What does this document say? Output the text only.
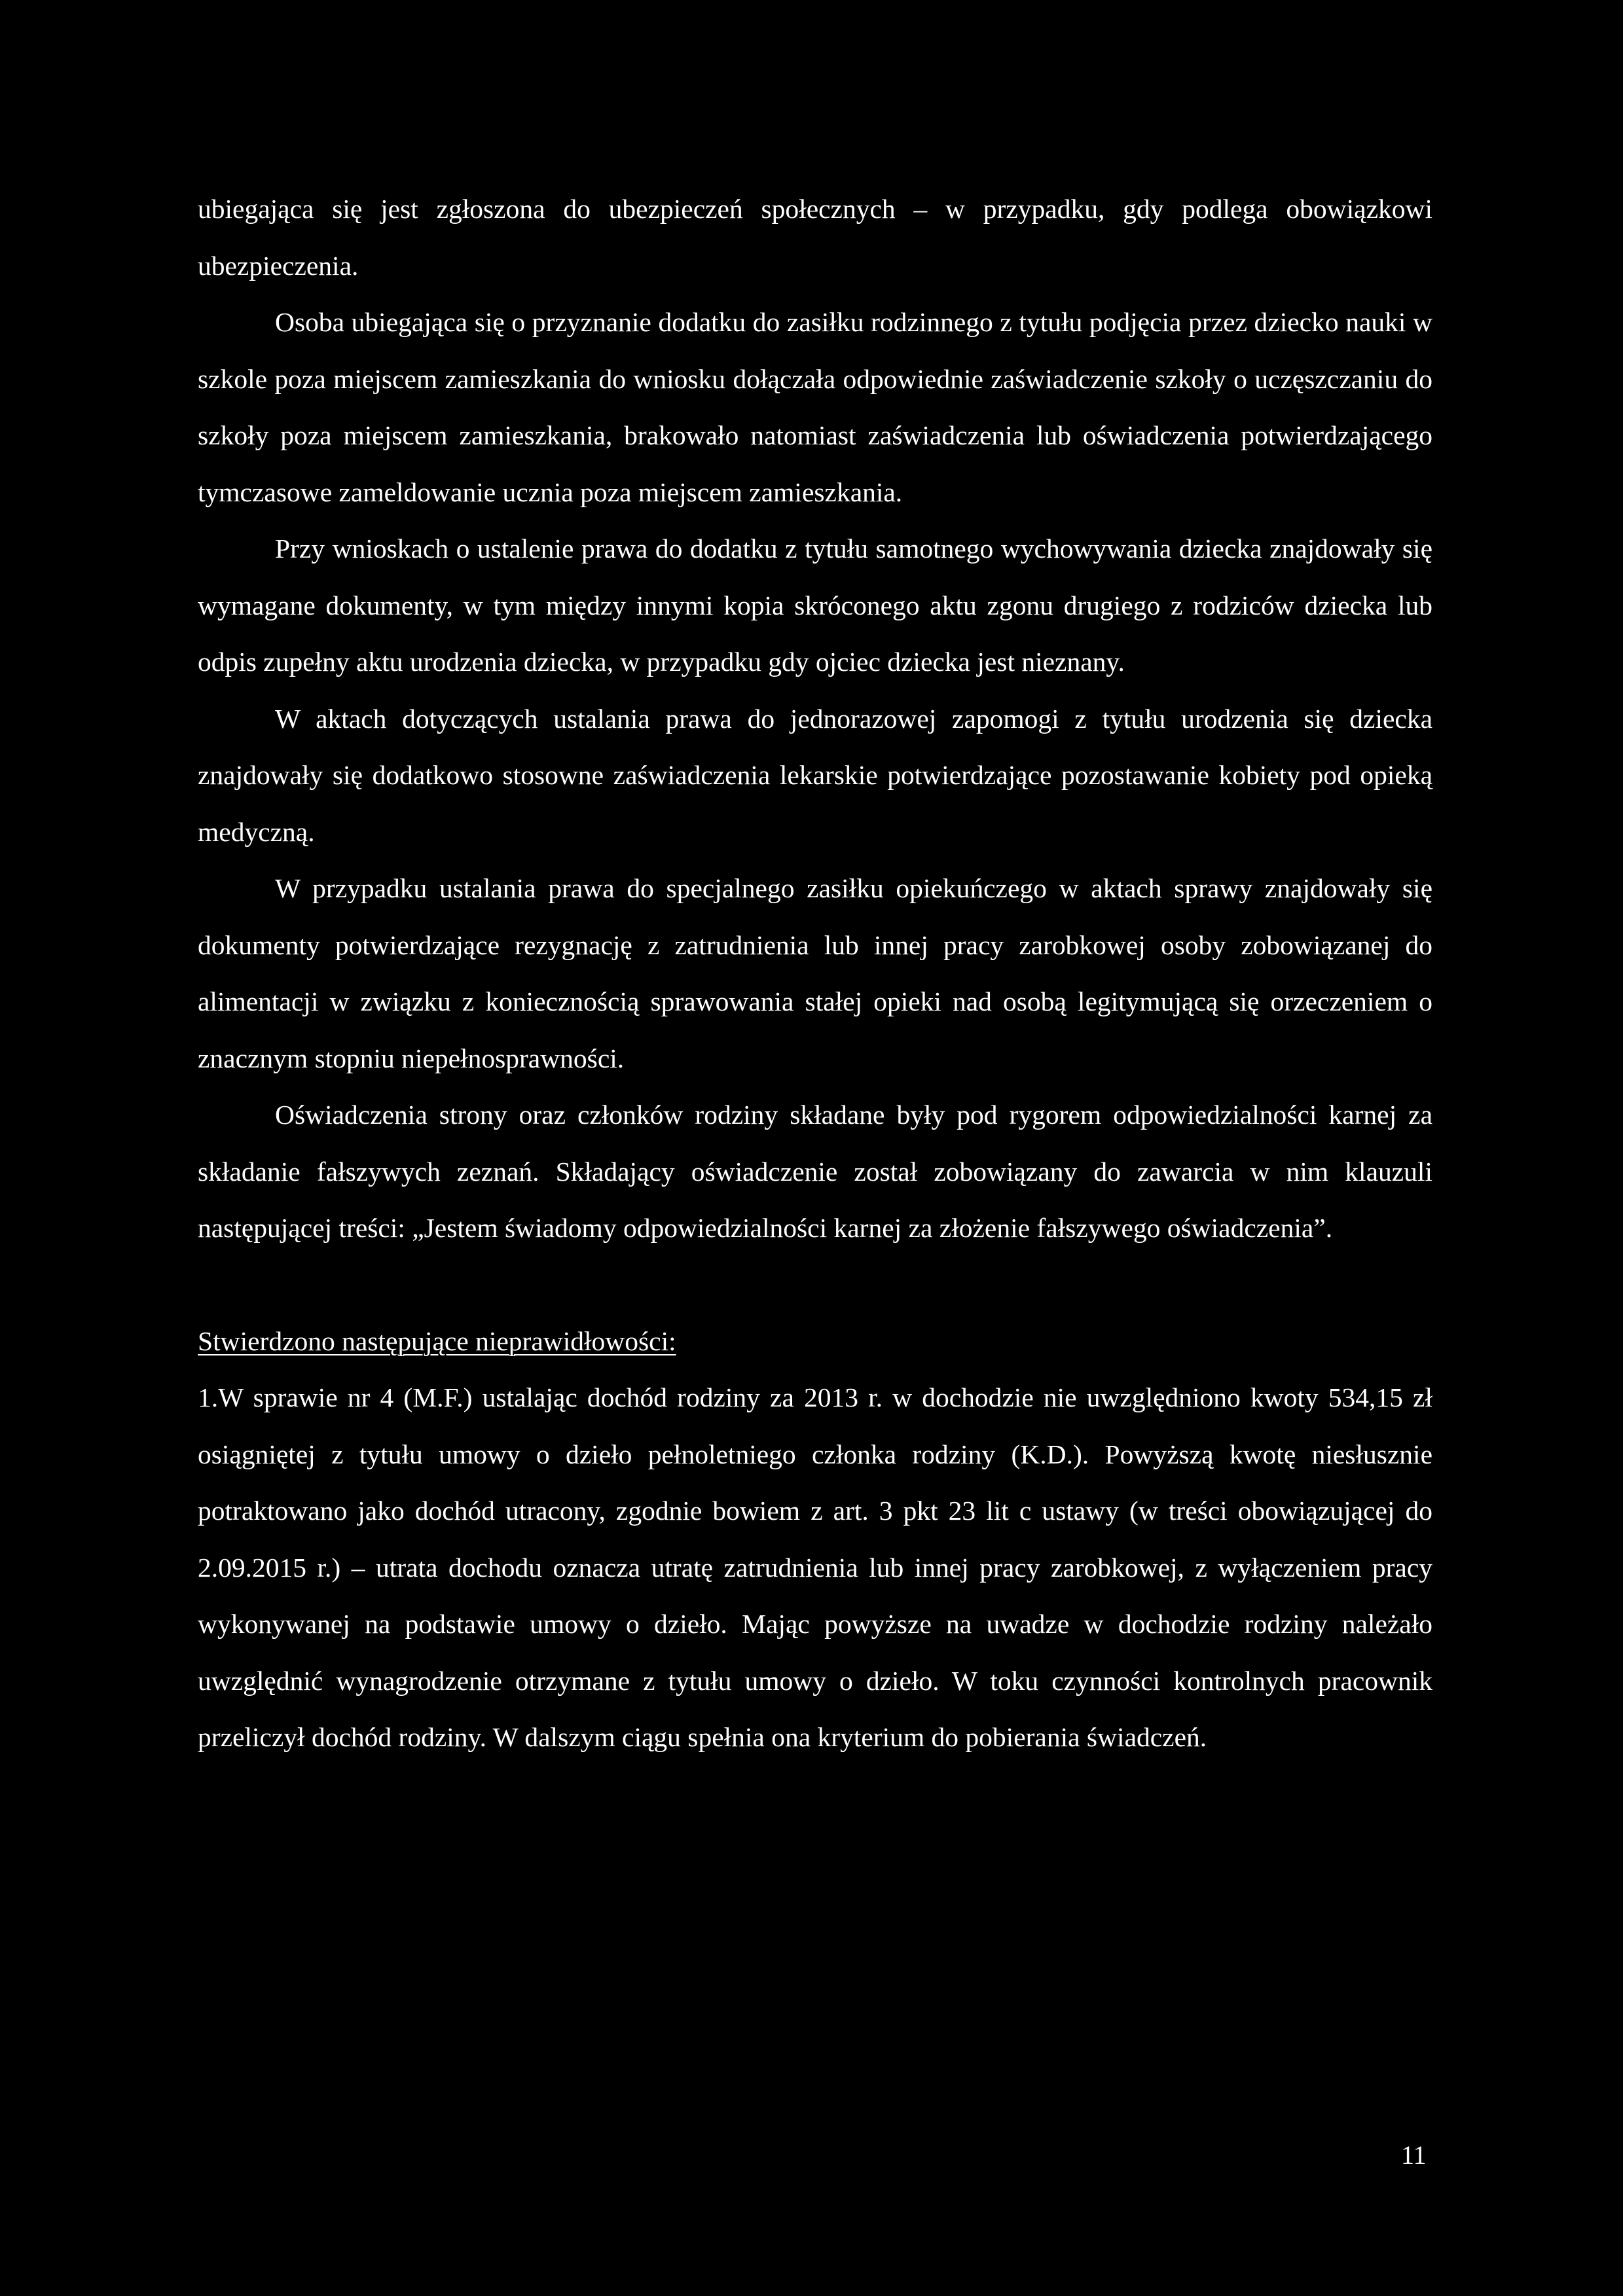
ubiegająca się jest zgłoszona do ubezpieczeń społecznych – w przypadku, gdy podlega obowiązkowi ubezpieczenia.

Osoba ubiegająca się o przyznanie dodatku do zasiłku rodzinnego z tytułu podjęcia przez dziecko nauki w szkole poza miejscem zamieszkania do wniosku dołączała odpowiednie zaświadczenie szkoły o uczęszczaniu do szkoły poza miejscem zamieszkania, brakowało natomiast zaświadczenia lub oświadczenia potwierdzającego tymczasowe zameldowanie ucznia poza miejscem zamieszkania.

Przy wnioskach o ustalenie prawa do dodatku z tytułu samotnego wychowywania dziecka znajdowały się wymagane dokumenty, w tym między innymi kopia skróconego aktu zgonu drugiego z rodziców dziecka lub odpis zupełny aktu urodzenia dziecka, w przypadku gdy ojciec dziecka jest nieznany.

W aktach dotyczących ustalania prawa do jednorazowej zapomogi z tytułu urodzenia się dziecka znajdowały się dodatkowo stosowne zaświadczenia lekarskie potwierdzające pozostawanie kobiety pod opieką medyczną.

W przypadku ustalania prawa do specjalnego zasiłku opiekuńczego w aktach sprawy znajdowały się dokumenty potwierdzające rezygnację z zatrudnienia lub innej pracy zarobkowej osoby zobowiązanej do alimentacji w związku z koniecznością sprawowania stałej opieki nad osobą legitymującą się orzeczeniem o znacznym stopniu niepełnosprawności.

Oświadczenia strony oraz członków rodziny składane były pod rygorem odpowiedzialności karnej za składanie fałszywych zeznań. Składający oświadczenie został zobowiązany do zawarcia w nim klauzuli następującej treści: „Jestem świadomy odpowiedzialności karnej za złożenie fałszywego oświadczenia”.

Stwierdzono następujące nieprawidłowości:

1.W sprawie nr 4 (M.F.) ustalając dochód rodziny za 2013 r. w dochodzie nie uwzględniono kwoty 534,15 zł osiągniętej z tytułu umowy o dzieło pełnoletniego członka rodziny (K.D.). Powyższą kwotę niesłusznie potraktowano jako dochód utracony, zgodnie bowiem z art. 3 pkt 23 lit c ustawy (w treści obowiązującej do 2.09.2015 r.) – utrata dochodu oznacza utratę zatrudnienia lub innej pracy zarobkowej, z wyłączeniem pracy wykonywanej na podstawie umowy o dzieło. Mając powyższe na uwadze w dochodzie rodziny należało uwzględnić wynagrodzenie otrzymane z tytułu umowy o dzieło. W toku czynności kontrolnych pracownik przeliczył dochód rodziny. W dalszym ciągu spełnia ona kryterium do pobierania świadczeń.

11
